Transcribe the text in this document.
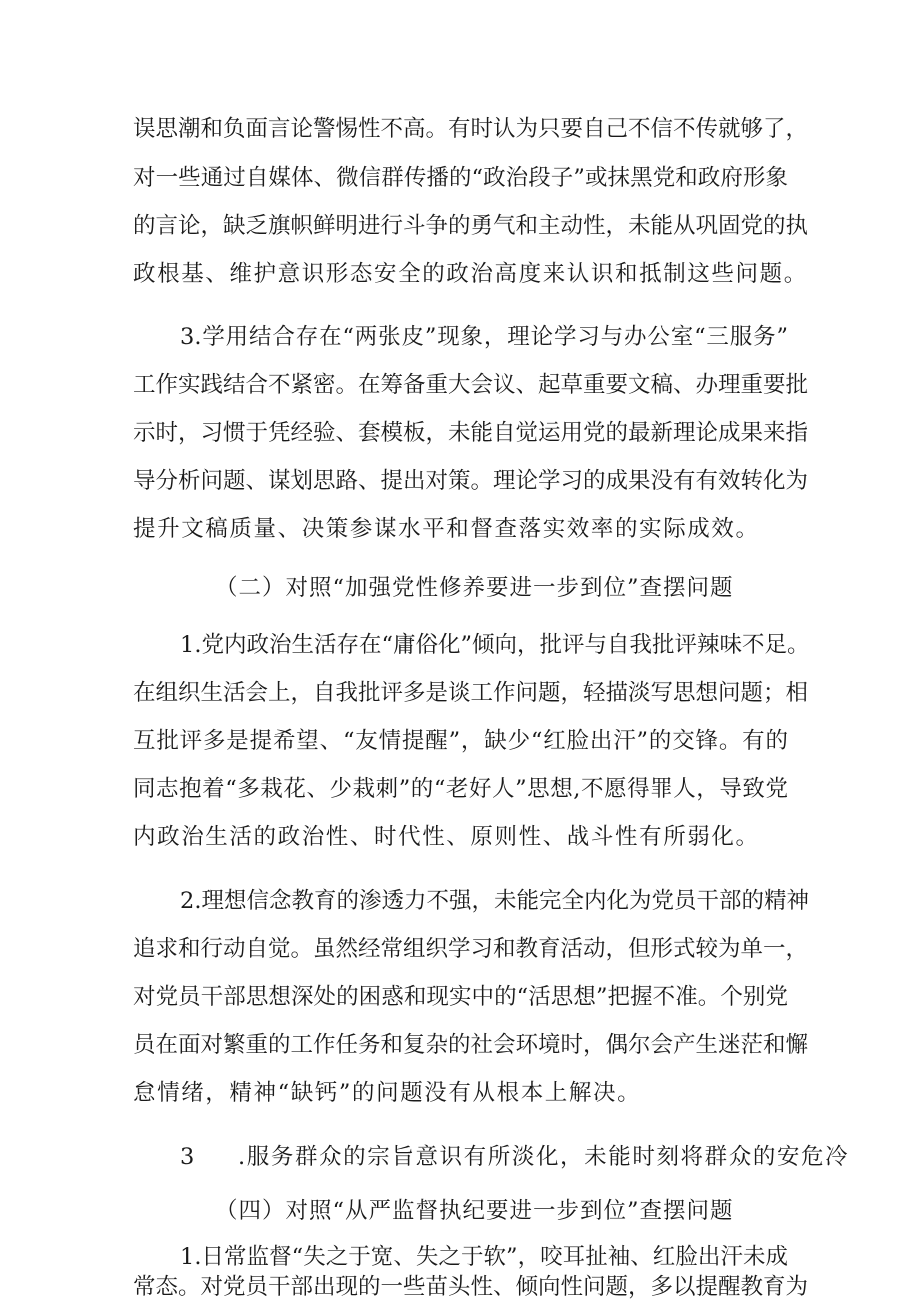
误思潮和负面言论警惕性不高。有时认为只要自己不信不传就够了，
对一些通过自媒体、微信群传播的“政治段子”或抹黑党和政府形象
的言论，缺乏旗帜鲜明进行斗争的勇气和主动性，未能从巩固党的执
政根基、维护意识形态安全的政治高度来认识和抵制这些问题。
3.学用结合存在“两张皮”现象，理论学习与办公室“三服务”
工作实践结合不紧密。在筹备重大会议、起草重要文稿、办理重要批
示时，习惯于凭经验、套模板，未能自觉运用党的最新理论成果来指
导分析问题、谋划思路、提出对策。理论学习的成果没有有效转化为
提升文稿质量、决策参谋水平和督查落实效率的实际成效。
（二）对照“加强党性修养要进一步到位”查摆问题
1.党内政治生活存在“庸俗化”倾向，批评与自我批评辣味不足。
在组织生活会上，自我批评多是谈工作问题，轻描淡写思想问题；相
互批评多是提希望、“友情提醒”，缺少“红脸出汗”的交锋。有的
同志抱着“多栽花、少栽刺”的“老好人”思想,不愿得罪人，导致党
内政治生活的政治性、时代性、原则性、战斗性有所弱化。
2.理想信念教育的渗透力不强，未能完全内化为党员干部的精神
追求和行动自觉。虽然经常组织学习和教育活动，但形式较为单一，
对党员干部思想深处的困惑和现实中的“活思想”把握不准。个别党
员在面对繁重的工作任务和复杂的社会环境时，偶尔会产生迷茫和懈
怠情绪，精神“缺钙”的问题没有从根本上解决。
3 .服务群众的宗旨意识有所淡化，未能时刻将群众的安危冷
（四）对照“从严监督执纪要进一步到位”查摆问题
1.日常监督“失之于宽、失之于软”，咬耳扯袖、红脸出汗未成
常态。对党员干部出现的一些苗头性、倾向性问题，多以提醒教育为
